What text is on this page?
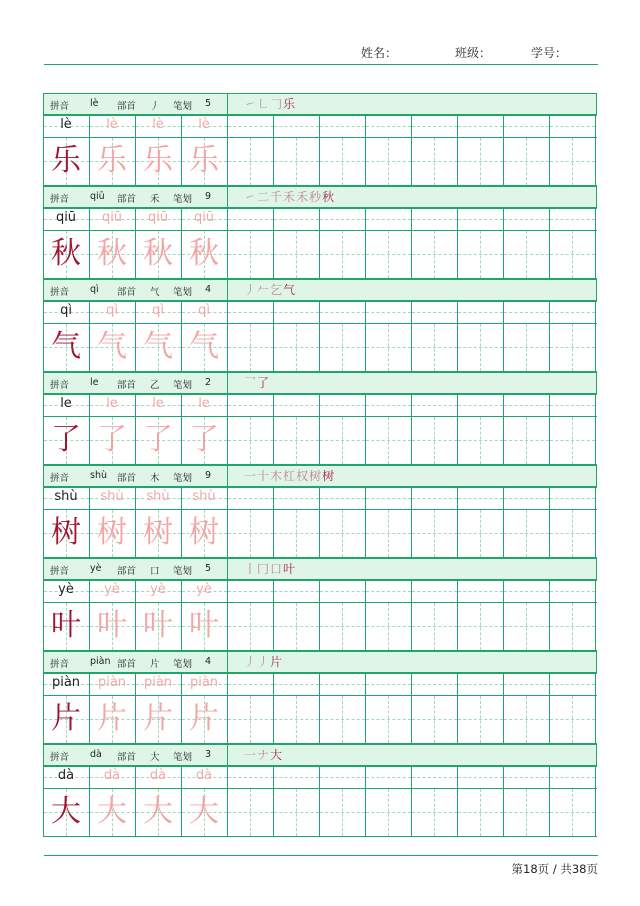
姓名：	班级：	学号：
拼音 lè 部首 丿 笔划 5	㇀㇗𠃌乐
lè
乐
lè
乐
lè
乐
lè
乐
拼音 qiū 部首 禾 笔划 9	㇀二千禾禾秒秋
qiū
秋
qiū
秋
qiū
秋
qiū
秋
拼音 qì 部首 气 笔划 4	丿𠂉乞气
qì
气
qì
气
qì
气
qì
气
拼音 le 部首 乙 笔划 2	乛了
le
了
le
了
le
了
le
了
拼音 shù 部首 木 笔划 9	一十木杠权树树
shù
树
shù
树
shù
树
shù
树
拼音 yè 部首 口 笔划 5	丨冂口叶
yè
叶
yè
叶
yè
叶
yè
叶
拼音 piàn 部首 片 笔划 4	丿丿片
piàn
片
piàn
片
piàn
片
piàn
片
拼音 dà 部首 大 笔划 3	一ナ大
dà
大
dà
大
dà
大
dà
大
第18页 / 共38页
